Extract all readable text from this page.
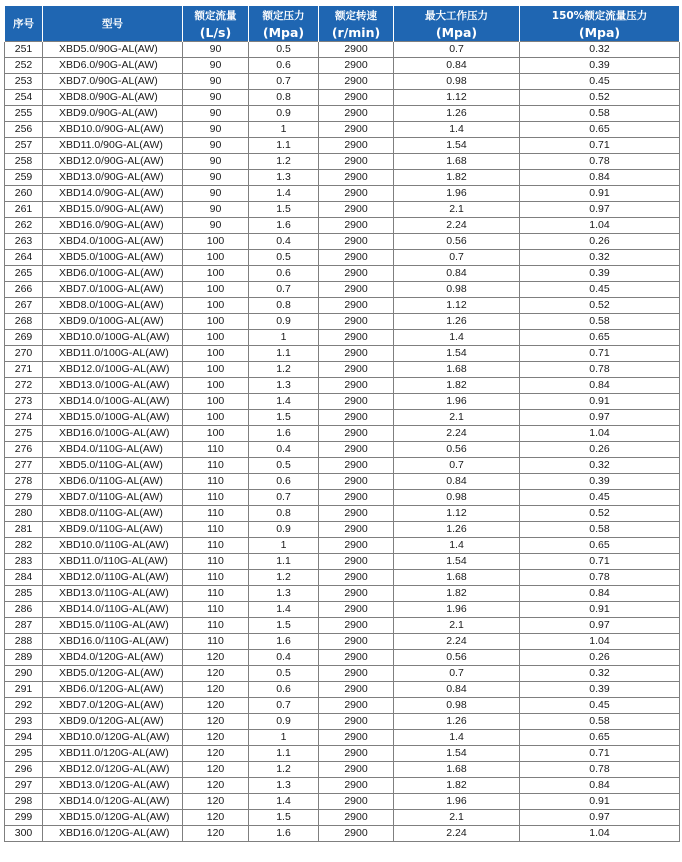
序号	型号	额定流量	额定压力	额定转速	最大工作压力	150%额定流量压力
		(L/s)	(Mpa)	(r/min)	(Mpa)	(Mpa)
251	XBD5.0/90G-AL(AW)	90	0.5	2900	0.7	0.32
252	XBD6.0/90G-AL(AW)	90	0.6	2900	0.84	0.39
253	XBD7.0/90G-AL(AW)	90	0.7	2900	0.98	0.45
254	XBD8.0/90G-AL(AW)	90	0.8	2900	1.12	0.52
255	XBD9.0/90G-AL(AW)	90	0.9	2900	1.26	0.58
256	XBD10.0/90G-AL(AW)	90	1	2900	1.4	0.65
257	XBD11.0/90G-AL(AW)	90	1.1	2900	1.54	0.71
258	XBD12.0/90G-AL(AW)	90	1.2	2900	1.68	0.78
259	XBD13.0/90G-AL(AW)	90	1.3	2900	1.82	0.84
260	XBD14.0/90G-AL(AW)	90	1.4	2900	1.96	0.91
261	XBD15.0/90G-AL(AW)	90	1.5	2900	2.1	0.97
262	XBD16.0/90G-AL(AW)	90	1.6	2900	2.24	1.04
263	XBD4.0/100G-AL(AW)	100	0.4	2900	0.56	0.26
264	XBD5.0/100G-AL(AW)	100	0.5	2900	0.7	0.32
265	XBD6.0/100G-AL(AW)	100	0.6	2900	0.84	0.39
266	XBD7.0/100G-AL(AW)	100	0.7	2900	0.98	0.45
267	XBD8.0/100G-AL(AW)	100	0.8	2900	1.12	0.52
268	XBD9.0/100G-AL(AW)	100	0.9	2900	1.26	0.58
269	XBD10.0/100G-AL(AW)	100	1	2900	1.4	0.65
270	XBD11.0/100G-AL(AW)	100	1.1	2900	1.54	0.71
271	XBD12.0/100G-AL(AW)	100	1.2	2900	1.68	0.78
272	XBD13.0/100G-AL(AW)	100	1.3	2900	1.82	0.84
273	XBD14.0/100G-AL(AW)	100	1.4	2900	1.96	0.91
274	XBD15.0/100G-AL(AW)	100	1.5	2900	2.1	0.97
275	XBD16.0/100G-AL(AW)	100	1.6	2900	2.24	1.04
276	XBD4.0/110G-AL(AW)	110	0.4	2900	0.56	0.26
277	XBD5.0/110G-AL(AW)	110	0.5	2900	0.7	0.32
278	XBD6.0/110G-AL(AW)	110	0.6	2900	0.84	0.39
279	XBD7.0/110G-AL(AW)	110	0.7	2900	0.98	0.45
280	XBD8.0/110G-AL(AW)	110	0.8	2900	1.12	0.52
281	XBD9.0/110G-AL(AW)	110	0.9	2900	1.26	0.58
282	XBD10.0/110G-AL(AW)	110	1	2900	1.4	0.65
283	XBD11.0/110G-AL(AW)	110	1.1	2900	1.54	0.71
284	XBD12.0/110G-AL(AW)	110	1.2	2900	1.68	0.78
285	XBD13.0/110G-AL(AW)	110	1.3	2900	1.82	0.84
286	XBD14.0/110G-AL(AW)	110	1.4	2900	1.96	0.91
287	XBD15.0/110G-AL(AW)	110	1.5	2900	2.1	0.97
288	XBD16.0/110G-AL(AW)	110	1.6	2900	2.24	1.04
289	XBD4.0/120G-AL(AW)	120	0.4	2900	0.56	0.26
290	XBD5.0/120G-AL(AW)	120	0.5	2900	0.7	0.32
291	XBD6.0/120G-AL(AW)	120	0.6	2900	0.84	0.39
292	XBD7.0/120G-AL(AW)	120	0.7	2900	0.98	0.45
293	XBD9.0/120G-AL(AW)	120	0.9	2900	1.26	0.58
294	XBD10.0/120G-AL(AW)	120	1	2900	1.4	0.65
295	XBD11.0/120G-AL(AW)	120	1.1	2900	1.54	0.71
296	XBD12.0/120G-AL(AW)	120	1.2	2900	1.68	0.78
297	XBD13.0/120G-AL(AW)	120	1.3	2900	1.82	0.84
298	XBD14.0/120G-AL(AW)	120	1.4	2900	1.96	0.91
299	XBD15.0/120G-AL(AW)	120	1.5	2900	2.1	0.97
300	XBD16.0/120G-AL(AW)	120	1.6	2900	2.24	1.04
